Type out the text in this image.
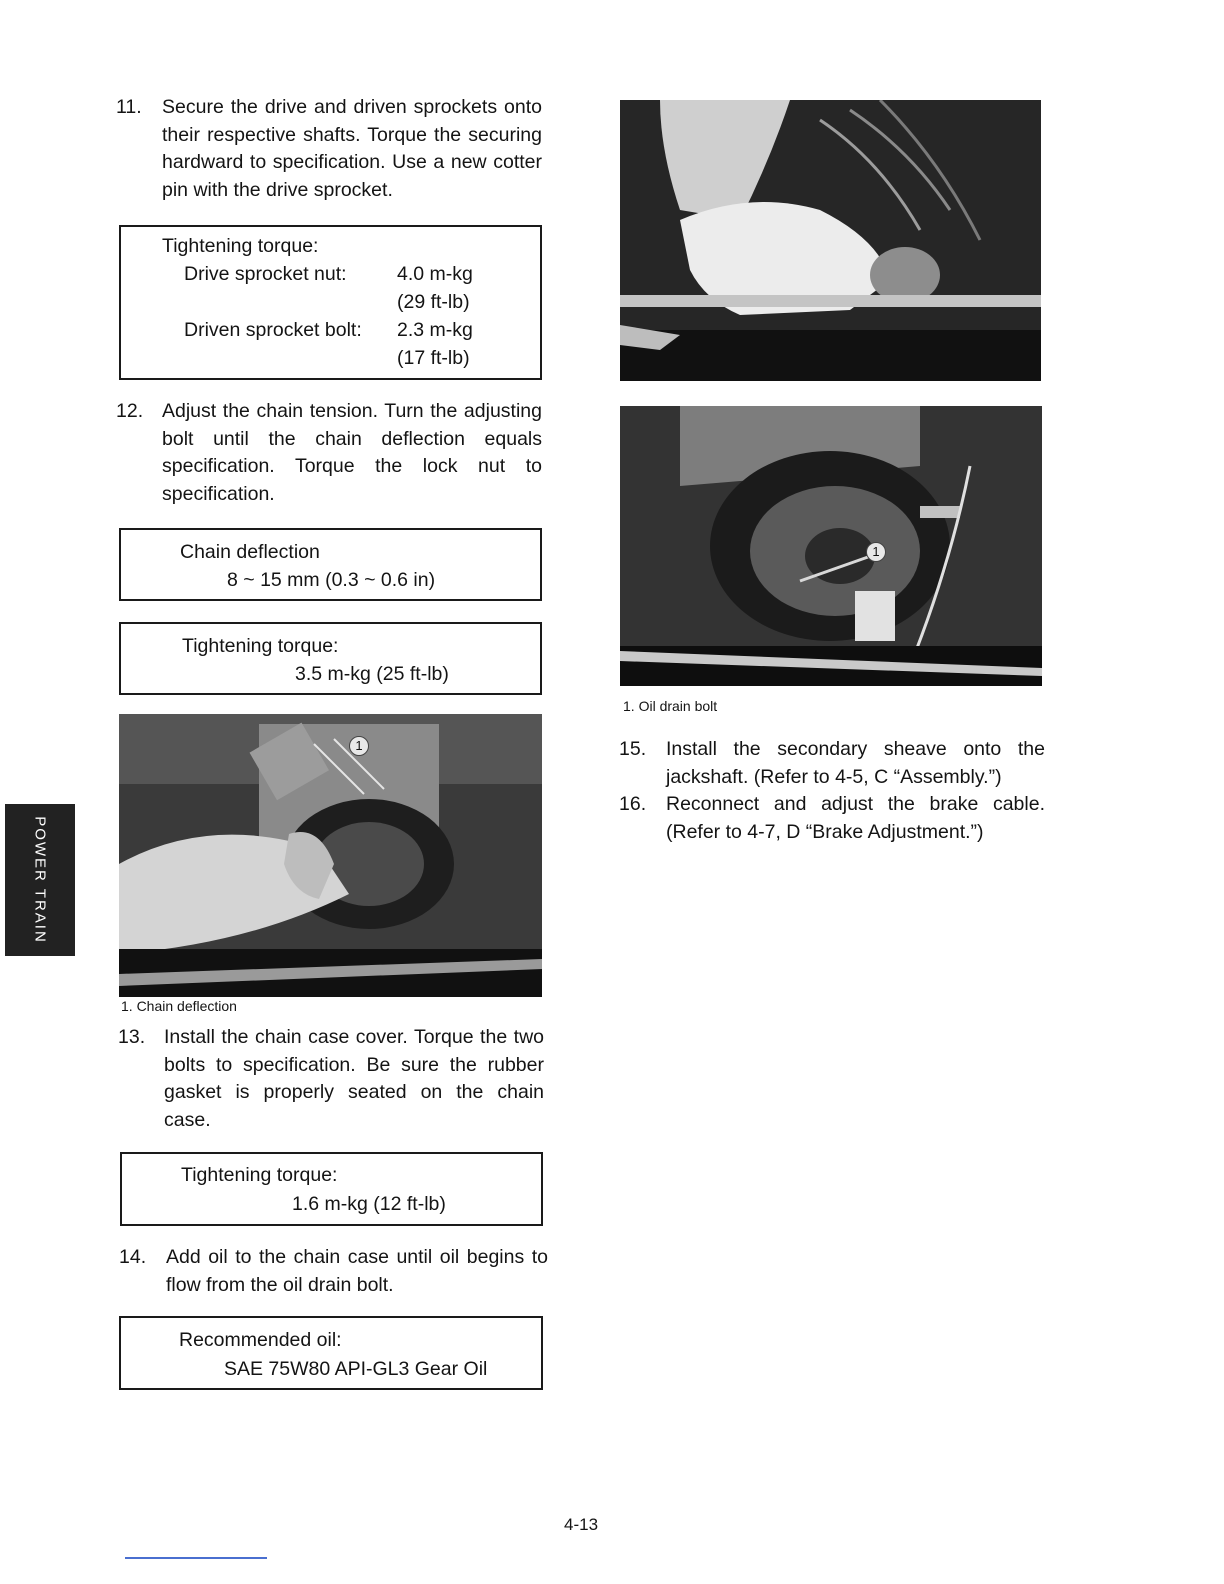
POWER TRAIN
11. Secure the drive and driven sprockets onto their respective shafts. Torque the securing hardward to specification. Use a new cotter pin with the drive sprocket.
Tightening torque:
Drive sprocket nut:	4.0 m-kg
(29 ft-lb)
Driven sprocket bolt: 2.3 m-kg
(17 ft-lb)
12. Adjust the chain tension. Turn the adjusting bolt until the chain deflection equals specification. Torque the lock nut to specification.
Chain deflection
8 ~ 15 mm (0.3 ~ 0.6 in)
Tightening torque:
3.5 m-kg (25 ft-lb)
1
1. Chain deflection
13. Install the chain case cover. Torque the two bolts to specification. Be sure the rubber gasket is properly seated on the chain case.
Tightening torque:
1.6 m-kg (12 ft-lb)
14. Add oil to the chain case until oil begins to flow from the oil drain bolt.
Recommended oil:
SAE 75W80 API-GL3 Gear Oil
1
1. Oil drain bolt
15. Install the secondary sheave onto the jackshaft. (Refer to 4-5, C “Assembly.”)
16. Reconnect and adjust the brake cable. (Refer to 4-7, D “Brake Adjustment.”)
4-13
